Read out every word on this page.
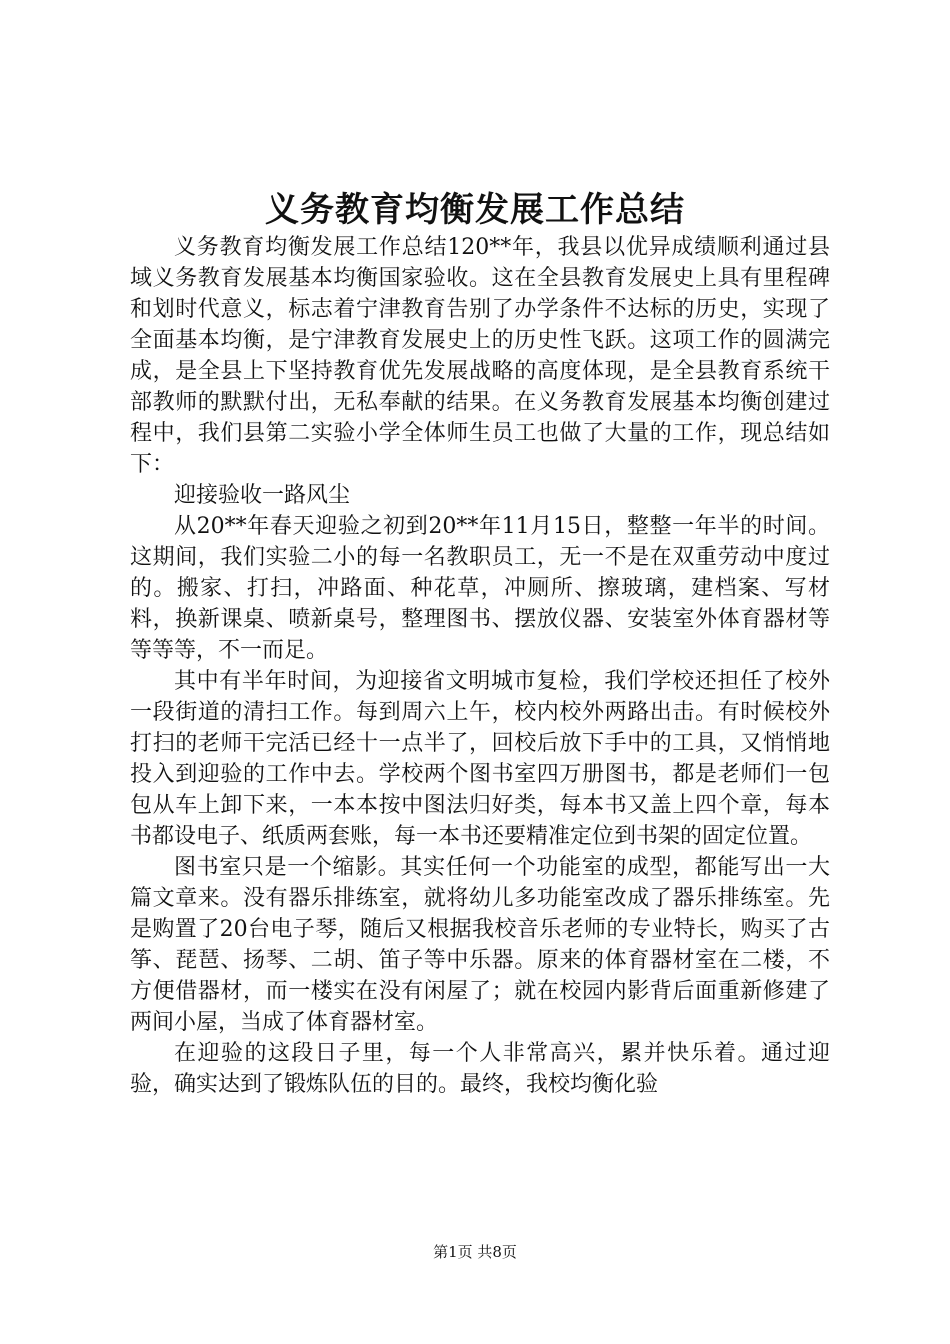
义务教育均衡发展工作总结

义务教育均衡发展工作总结120**年，我县以优异成绩顺利通过县域义务教育发展基本均衡国家验收。这在全县教育发展史上具有里程碑和划时代意义，标志着宁津教育告别了办学条件不达标的历史，实现了全面基本均衡，是宁津教育发展史上的历史性飞跃。这项工作的圆满完成，是全县上下坚持教育优先发展战略的高度体现，是全县教育系统干部教师的默默付出，无私奉献的结果。在义务教育发展基本均衡创建过程中，我们县第二实验小学全体师生员工也做了大量的工作，现总结如下：

迎接验收一路风尘

从20**年春天迎验之初到20**年11月15日，整整一年半的时间。这期间，我们实验二小的每一名教职员工，无一不是在双重劳动中度过的。搬家、打扫，冲路面、种花草，冲厕所、擦玻璃，建档案、写材料，换新课桌、喷新桌号，整理图书、摆放仪器、安装室外体育器材等等等等，不一而足。

其中有半年时间，为迎接省文明城市复检，我们学校还担任了校外一段街道的清扫工作。每到周六上午，校内校外两路出击。有时候校外打扫的老师干完活已经十一点半了，回校后放下手中的工具，又悄悄地投入到迎验的工作中去。学校两个图书室四万册图书，都是老师们一包包从车上卸下来，一本本按中图法归好类，每本书又盖上四个章，每本书都设电子、纸质两套账，每一本书还要精准定位到书架的固定位置。

图书室只是一个缩影。其实任何一个功能室的成型，都能写出一大篇文章来。没有器乐排练室，就将幼儿多功能室改成了器乐排练室。先是购置了20台电子琴，随后又根据我校音乐老师的专业特长，购买了古筝、琵琶、扬琴、二胡、笛子等中乐器。原来的体育器材室在二楼，不方便借器材，而一楼实在没有闲屋了；就在校园内影背后面重新修建了两间小屋，当成了体育器材室。

在迎验的这段日子里，每一个人非常高兴，累并快乐着。通过迎验，确实达到了锻炼队伍的目的。最终，我校均衡化验

第1页 共8页
